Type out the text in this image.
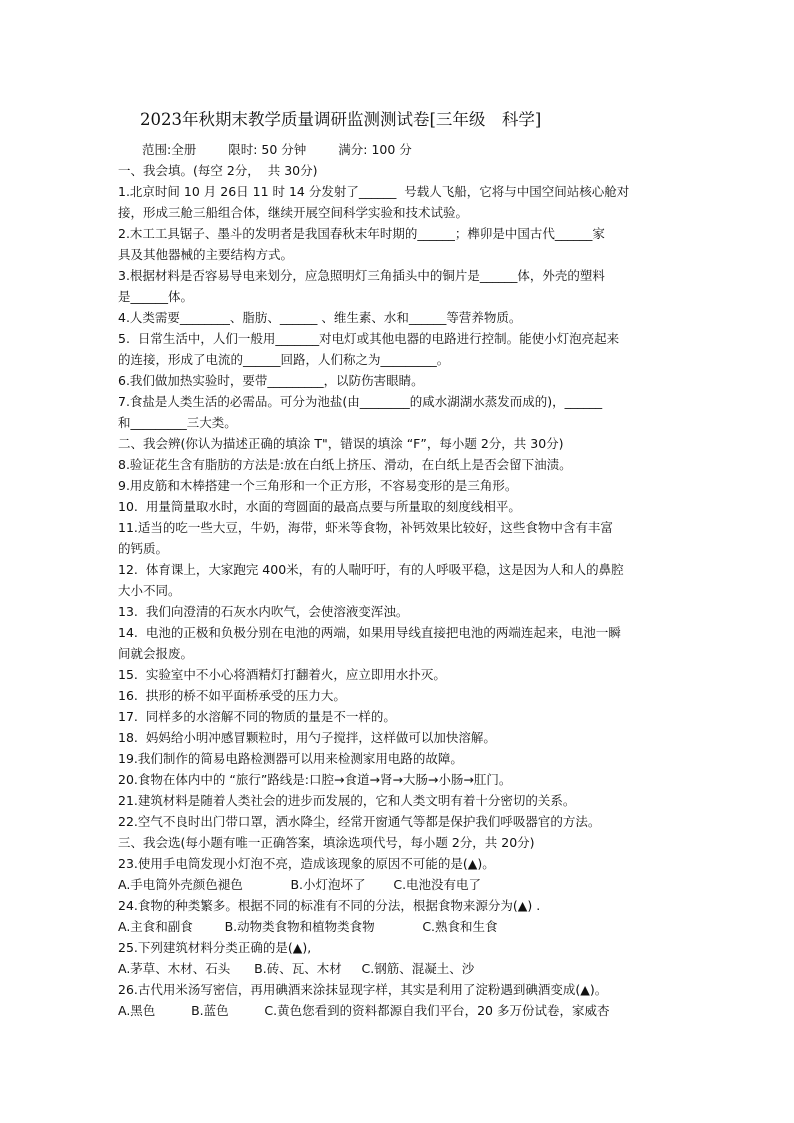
2023年秋期末教学质量调研监测测试卷[三年级　科学]
范围:全册	限时: 50 分钟	满分: 100 分
一、我会填。(每空 2分，  共 30分)
1.北京时间 10 月 26日 11 时 14 分发射了______  号载人飞船，它将与中国空间站核心舱对
接，形成三舱三船组合体，继续开展空间科学实验和技术试验。
2.木工工具锯子、墨斗的发明者是我国春秋末年时期的______；榫卯是中国古代______家
具及其他器械的主要结构方式。
3.根据材料是否容易导电来划分，应急照明灯三角插头中的铜片是______体，外壳的塑料
是______体。
4.人类需要________、脂肪、______ 、维生素、水和______等营养物质。
5.  日常生活中，人们一般用_______对电灯或其他电器的电路进行控制。能使小灯泡亮起来
的连接，形成了电流的______回路，人们称之为_________。
6.我们做加热实验时，要带_________，以防伤害眼睛。
7.食盐是人类生活的必需品。可分为池盐(由________的咸水湖湖水蒸发而成的)，______
和_________三大类。
二、我会辨(你认为描述正确的填涂 T"，错误的填涂 “F”，每小题 2分，共 30分)
8.验证花生含有脂肪的方法是:放在白纸上挤压、滑动，在白纸上是否会留下油渍。
9.用皮筋和木棒搭建一个三角形和一个正方形，不容易变形的是三角形。
10.  用量筒量取水时，水面的弯圆面的最高点要与所量取的刻度线相平。
11.适当的吃一些大豆，牛奶，海带，虾米等食物，补钙效果比较好，这些食物中含有丰富
的钙质。
12.  体育课上，大家跑完 400米，有的人喘吁吁，有的人呼吸平稳，这是因为人和人的鼻腔
大小不同。
13.  我们向澄清的石灰水内吹气，会使溶液变浑浊。
14.  电池的正极和负极分别在电池的两端，如果用导线直接把电池的两端连起来，电池一瞬
间就会报废。
15.  实验室中不小心将酒精灯打翻着火，应立即用水扑灭。
16.  拱形的桥不如平面桥承受的压力大。
17.  同样多的水溶解不同的物质的量是不一样的。
18.  妈妈给小明冲感冒颗粒时，用勺子搅拌，这样做可以加快溶解。
19.我们制作的简易电路检测器可以用来检测家用电路的故障。
20.食物在体内中的 “旅行”路线是:口腔→食道→肾→大肠→小肠→肛门。
21.建筑材料是随着人类社会的进步而发展的，它和人类文明有着十分密切的关系。
22.空气不良时出门带口罩，洒水降尘，经常开窗通气等都是保护我们呼吸器官的方法。
三、我会选(每小题有唯一正确答案，填涂选项代号，每小题 2分，共 20分)
23.使用手电筒发现小灯泡不亮，造成该现象的原因不可能的是(▲)。
A.手电筒外壳颜色褪色            B.小灯泡坏了       C.电池没有电了
24.食物的种类繁多。根据不同的标准有不同的分法，根据食物来源分为(▲) .
A.主食和副食        B.动物类食物和植物类食物            C.熟食和生食
25.下列建筑材料分类正确的是(▲),
A.茅草、木材、石头      B.砖、瓦、木材     C.钢筋、混凝土、沙
26.古代用米汤写密信，再用碘酒来涂抹显现字样，其实是利用了淀粉遇到碘酒变成(▲)。
A.黑色         B.蓝色         C.黄色您看到的资料都源自我们平台，20 多万份试卷，家威杏
